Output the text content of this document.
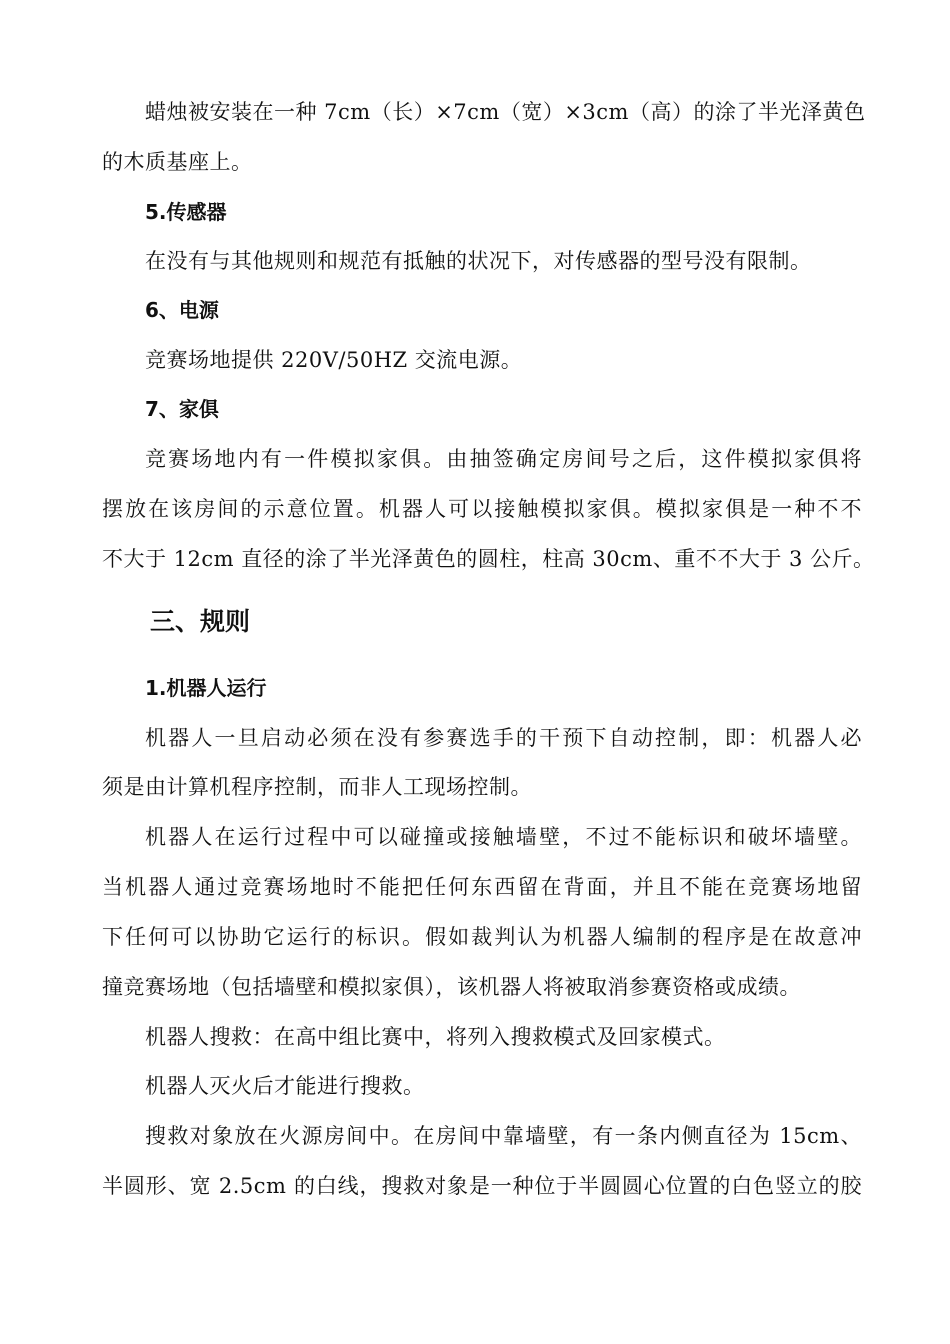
蜡烛被安装在一种 7cm（长）×7cm（宽）×3cm（高）的涂了半光泽黄色
的木质基座上。
5.传感器
在没有与其他规则和规范有抵触的状况下，对传感器的型号没有限制。
6、电源
竞赛场地提供 220V/50HZ 交流电源。
7、家俱
竞赛场地内有一件模拟家俱。由抽签确定房间号之后，这件模拟家俱将
摆放在该房间的示意位置。机器人可以接触模拟家俱。模拟家俱是一种不不
不大于 12cm 直径的涂了半光泽黄色的圆柱，柱高 30cm、重不不大于 3 公斤。
三、规则
1.机器人运行
机器人一旦启动必须在没有参赛选手的干预下自动控制，即：机器人必
须是由计算机程序控制，而非人工现场控制。
机器人在运行过程中可以碰撞或接触墙壁，不过不能标识和破坏墙壁。
当机器人通过竞赛场地时不能把任何东西留在背面，并且不能在竞赛场地留
下任何可以协助它运行的标识。假如裁判认为机器人编制的程序是在故意冲
撞竞赛场地（包括墙壁和模拟家俱），该机器人将被取消参赛资格或成绩。
机器人搜救：在高中组比赛中，将列入搜救模式及回家模式。
机器人灭火后才能进行搜救。
搜救对象放在火源房间中。在房间中靠墙壁，有一条内侧直径为 15cm、
半圆形、宽 2.5cm 的白线，搜救对象是一种位于半圆圆心位置的白色竖立的胶
